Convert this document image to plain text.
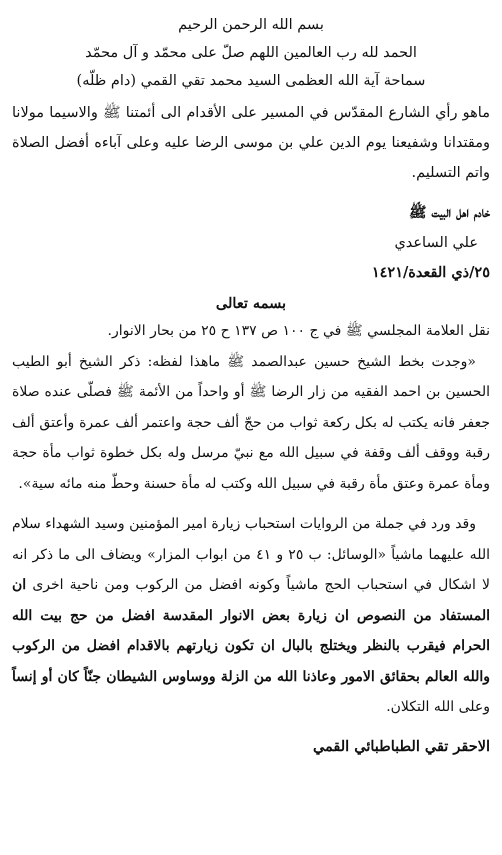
بسم الله الرحمن الرحيم
الحمد لله رب العالمين اللهم صلّ على محمّد و آل محمّد
سماحة آية الله العظمى السيد محمد تقي القمي (دام ظلّه)
ماهو رأي الشارع المقدّس في المسير على الأقدام الى أئمتنا ﷺ والاسيما مولانا ومقتدانا وشفيعنا يوم الدين علي بن موسى الرضا عليه وعلى آباءه أفضل الصلاة واتم التسليم.
خادم اهل البيت ﷺ
علي الساعدي
٢٥/ذي القعدة/١٤٢١
بسمه تعالى

نقل العلامة المجلسي ﷺ في ج ١٠٠ ص ١٣٧ ح ٢٥ من بحار الانوار.

«وجدت بخط الشيخ حسين عبدالصمد ﷺ ماهذا لفظه: ذكر الشيخ أبو الطيب الحسين بن احمد الفقيه من زار الرضا ﷺ أو واحداً من الأئمة ﷺ فصلّى عنده صلاة جعفر فانه يكتب له بكل ركعة ثواب من حجّ ألف حجة واعتمر ألف عمرة وأعتق ألف رقبة ووقف ألف وقفة في سبيل الله مع نبيّ مرسل وله بكل خطوة ثواب مأة حجة ومأة عمرة وعتق مأة رقبة في سبيل الله وكتب له مأة حسنة وحطّ منه مائه سية».

وقد ورد في جملة من الروايات استحباب زيارة امير المؤمنين وسيد الشهداء سلام الله عليهما ماشياً «الوسائل: ب ٢٥ و ٤١ من ابواب المزار» ويضاف الى ما ذكر انه لا اشكال في استحباب الحج ماشياً وكونه افضل من الركوب ومن ناحية اخرى ان المستفاد من النصوص ان زيارة بعض الانوار المقدسة افضل من حج بيت الله الحرام فيقرب بالنظر ويختلج بالبال ان تكون زيارتهم بالاقدام افضل من الركوب والله العالم بحقائق الامور وعاذنا الله من الزلة ووساوس الشيطان جنّاً كان أو إنساً وعلى الله التكلان.

الاحقر تقي الطباطبائي القمي
